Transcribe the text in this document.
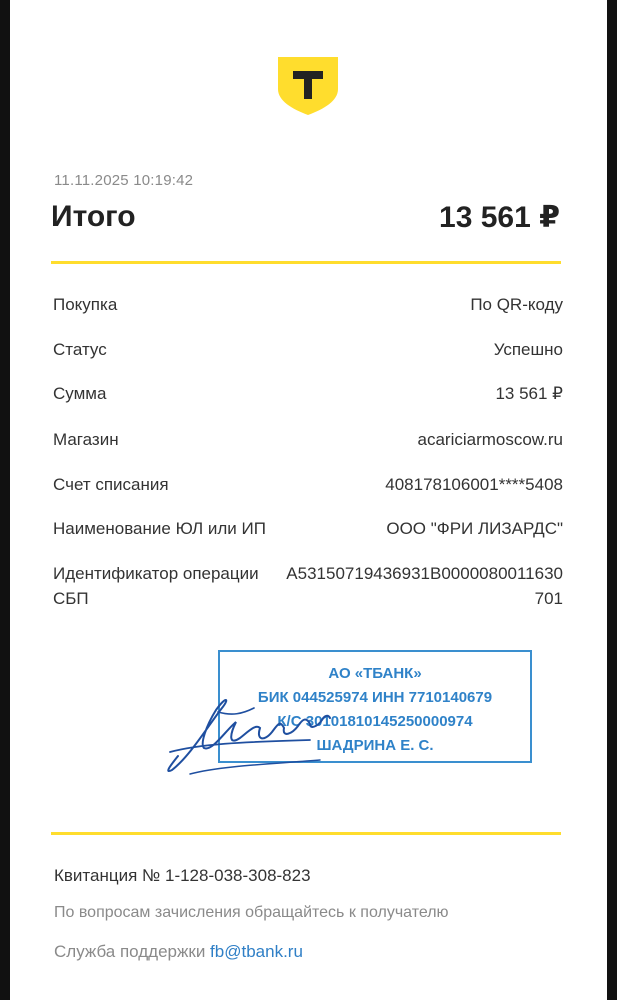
11.11.2025 10:19:42
Итого	13 561 ₽
Покупка	По QR-коду
Статус	Успешно
Сумма	13 561 ₽
Магазин	acariciarmoscow.ru
Счет списания	408178106001****5408
Наименование ЮЛ или ИП	ООО "ФРИ ЛИЗАРДС"
Идентификатор операции СБП
A53150719436931B0000080011630701
АО «ТБАНК»
БИК 044525974 ИНН 7710140679
К/С 30101810145250000974
ШАДРИНА Е. С.
Квитанция № 1-128-038-308-823
По вопросам зачисления обращайтесь к получателю
Служба поддержки fb@tbank.ru
